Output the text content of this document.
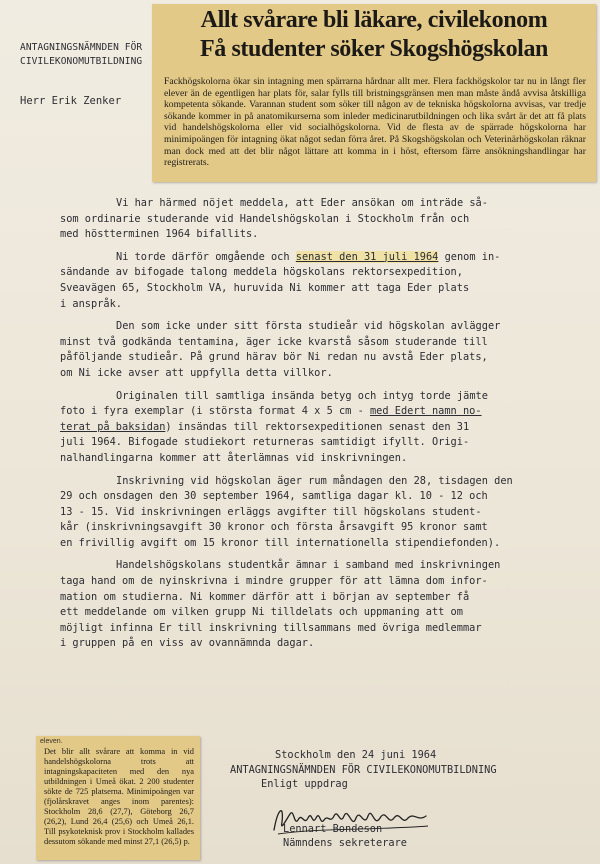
ANTAGNINGSNÄMNDEN FÖR
CIVILEKONOMUTBILDNING
Herr Erik Zenker
Allt svårare bli läkare, civilekonom
Få studenter söker Skogshögskolan
Fackhögskolorna ökar sin intagning men spärrarna hårdnar allt mer. Flera fackhögskolor tar nu in långt fler elever än de egentligen har plats för, salar fylls till bristningsgränsen men man måste ändå avvisa åtskilliga kompetenta sökande. Varannan student som söker till någon av de tekniska högskolorna avvisas, var tredje sökande kommer in på anatomikurserna som inleder medicinarutbildningen och lika svårt är det att få plats vid handelshögskolorna eller vid socialhögskolorna. Vid de flesta av de spärrade högskolorna har minimipoängen för intagning ökat något sedan förra året. På Skogshögskolan och Veterinärhögskolan räknar man dock med att det blir något lättare att komma in i höst, eftersom färre ansökningshandlingar har registrerats.
Vi har härmed nöjet meddela, att Eder ansökan om inträde så-
som ordinarie studerande vid Handelshögskolan i Stockholm från och
med höstterminen 1964 bifallits.
Ni torde därför omgående och senast den 31 juli 1964 genom in-
sändande av bifogade talong meddela högskolans rektorsexpedition,
Sveavägen 65, Stockholm VA, huruvida Ni kommer att taga Eder plats
i anspråk.
Den som icke under sitt första studieår vid högskolan avlägger
minst två godkända tentamina, äger icke kvarstå såsom studerande till
påföljande studieår. På grund härav bör Ni redan nu avstå Eder plats,
om Ni icke avser att uppfylla detta villkor.
Originalen till samtliga insända betyg och intyg torde jämte
foto i fyra exemplar (i största format 4 x 5 cm - med Edert namn no-
terat på baksidan) insändas till rektorsexpeditionen senast den 31
juli 1964. Bifogade studiekort returneras samtidigt ifyllt. Origi-
nalhandlingarna kommer att återlämnas vid inskrivningen.
Inskrivning vid högskolan äger rum måndagen den 28, tisdagen den
29 och onsdagen den 30 september 1964, samtliga dagar kl. 10 - 12 och
13 - 15. Vid inskrivningen erläggs avgifter till högskolans student-
kår (inskrivningsavgift 30 kronor och första årsavgift 95 kronor samt
en frivillig avgift om 15 kronor till internationella stipendiefonden).
Handelshögskolans studentkår ämnar i samband med inskrivningen
taga hand om de nyinskrivna i mindre grupper för att lämna dom infor-
mation om studierna. Ni kommer därför att i början av september få
ett meddelande om vilken grupp Ni tilldelats och uppmaning att om
möjligt infinna Er till inskrivning tillsammans med övriga medlemmar
i gruppen på en viss av ovannämnda dagar.
Stockholm den 24 juni 1964
ANTAGNINGSNÄMNDEN FÖR CIVILEKONOMUTBILDNING
Enligt uppdrag
Lennart Bondeson
Nämndens sekreterare
eleven.
Det blir allt svårare att komma in vid handelshögskolorna trots att intagningskapaciteten med den nya utbildningen i Umeå ökat. 2 200 studenter sökte de 725 platserna. Minimipoängen var (fjolårskravet anges inom parentes): Stockholm 28,6 (27,7), Göteborg 26,7 (26,2), Lund 26,4 (25,6) och Umeå 26,1. Till psykoteknisk prov i Stockholm kallades dessutom sökande med minst 27,1 (26,5) p.
